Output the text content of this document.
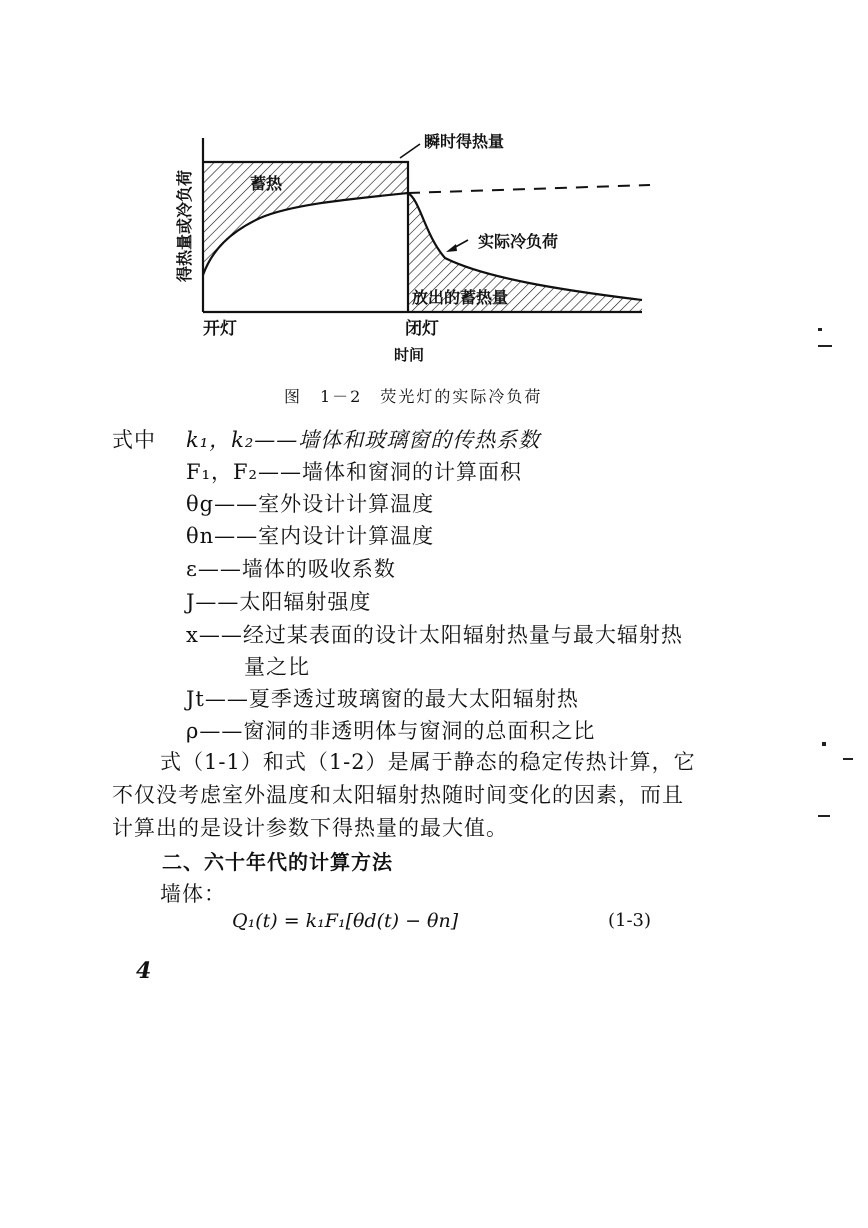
瞬时得热量
蓄热
实际冷负荷
放出的蓄热量
开灯	闭灯
时间
得热量或冷负荷
图　1－2　荧光灯的实际冷负荷
式中 k₁，k₂——墙体和玻璃窗的传热系数
F₁，F₂——墙体和窗洞的计算面积
θg——室外设计计算温度
θn——室内设计计算温度
ε——墙体的吸收系数
J——太阳辐射强度
x——经过某表面的设计太阳辐射热量与最大辐射热
量之比
Jt——夏季透过玻璃窗的最大太阳辐射热
ρ——窗洞的非透明体与窗洞的总面积之比
式（1-1）和式（1-2）是属于静态的稳定传热计算，它
不仅没考虑室外温度和太阳辐射热随时间变化的因素，而且
计算出的是设计参数下得热量的最大值。
二、六十年代的计算方法
墙体：
Q₁(t) = k₁F₁[θd(t) − θn]	(1-3)
4
